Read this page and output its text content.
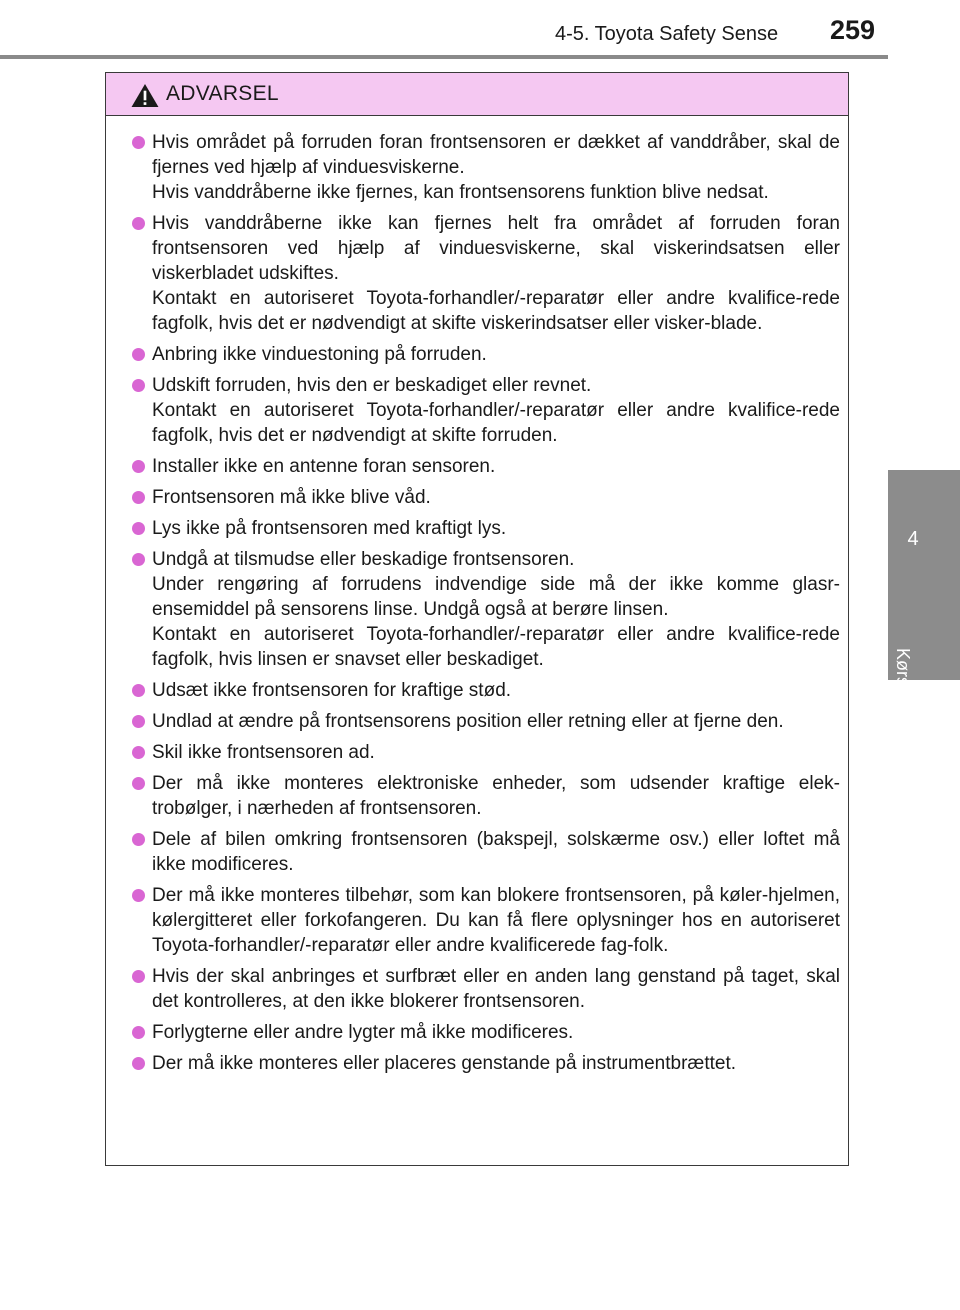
4-5. Toyota Safety Sense 259
4
Kørsel
ADVARSEL
Hvis området på forruden foran frontsensoren er dækket af vanddråber, skal de fjernes ved hjælp af vinduesviskerne.
Hvis vanddråberne ikke fjernes, kan frontsensorens funktion blive nedsat.
Hvis vanddråberne ikke kan fjernes helt fra området af forruden foran frontsensoren ved hjælp af vinduesviskerne, skal viskerindsatsen eller viskerbladet udskiftes.
Kontakt en autoriseret Toyota-forhandler/-reparatør eller andre kvalifice-rede fagfolk, hvis det er nødvendigt at skifte viskerindsatser eller visker-blade.
Anbring ikke vinduestoning på forruden.
Udskift forruden, hvis den er beskadiget eller revnet.
Kontakt en autoriseret Toyota-forhandler/-reparatør eller andre kvalifice-rede fagfolk, hvis det er nødvendigt at skifte forruden.
Installer ikke en antenne foran sensoren.
Frontsensoren må ikke blive våd.
Lys ikke på frontsensoren med kraftigt lys.
Undgå at tilsmudse eller beskadige frontsensoren.
Under rengøring af forrudens indvendige side må der ikke komme glasr-ensemiddel på sensorens linse. Undgå også at berøre linsen.
Kontakt en autoriseret Toyota-forhandler/-reparatør eller andre kvalifice-rede fagfolk, hvis linsen er snavset eller beskadiget.
Udsæt ikke frontsensoren for kraftige stød.
Undlad at ændre på frontsensorens position eller retning eller at fjerne den.
Skil ikke frontsensoren ad.
Der må ikke monteres elektroniske enheder, som udsender kraftige elek-trobølger, i nærheden af frontsensoren.
Dele af bilen omkring frontsensoren (bakspejl, solskærme osv.) eller loftet må ikke modificeres.
Der må ikke monteres tilbehør, som kan blokere frontsensoren, på køler-hjelmen, kølergitteret eller forkofangeren. Du kan få flere oplysninger hos en autoriseret Toyota-forhandler/-reparatør eller andre kvalificerede fag-folk.
Hvis der skal anbringes et surfbræt eller en anden lang genstand på taget, skal det kontrolleres, at den ikke blokerer frontsensoren.
Forlygterne eller andre lygter må ikke modificeres.
Der må ikke monteres eller placeres genstande på instrumentbrættet.
